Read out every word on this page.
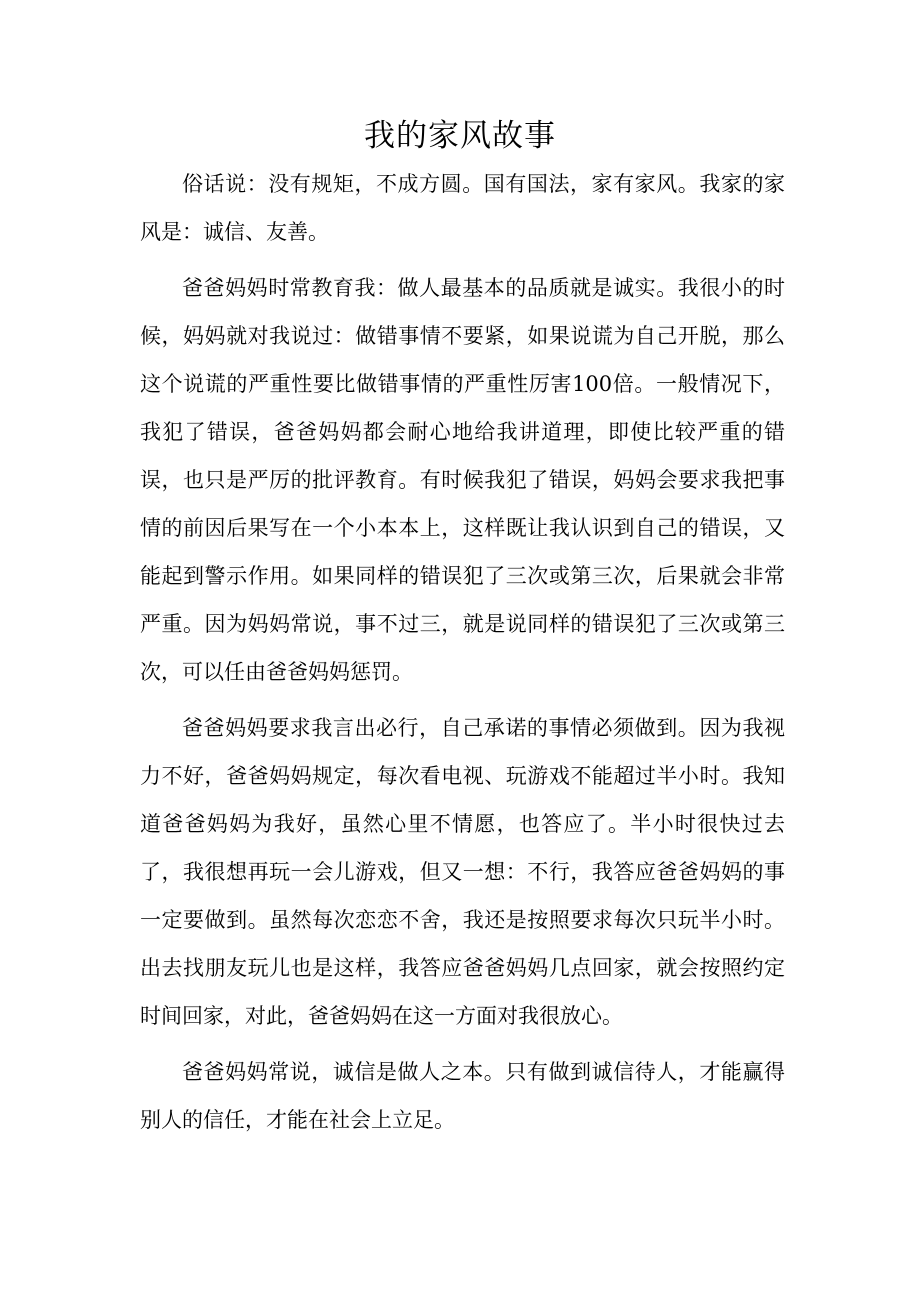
我的家风故事

俗话说：没有规矩，不成方圆。国有国法，家有家风。我家的家风是：诚信、友善。

爸爸妈妈时常教育我：做人最基本的品质就是诚实。我很小的时候，妈妈就对我说过：做错事情不要紧，如果说谎为自己开脱，那么这个说谎的严重性要比做错事情的严重性厉害100倍。一般情况下，我犯了错误，爸爸妈妈都会耐心地给我讲道理，即使比较严重的错误，也只是严厉的批评教育。有时候我犯了错误，妈妈会要求我把事情的前因后果写在一个小本本上，这样既让我认识到自己的错误，又能起到警示作用。如果同样的错误犯了三次或第三次，后果就会非常严重。因为妈妈常说，事不过三，就是说同样的错误犯了三次或第三次，可以任由爸爸妈妈惩罚。

爸爸妈妈要求我言出必行，自己承诺的事情必须做到。因为我视力不好，爸爸妈妈规定，每次看电视、玩游戏不能超过半小时。我知道爸爸妈妈为我好，虽然心里不情愿，也答应了。半小时很快过去了，我很想再玩一会儿游戏，但又一想：不行，我答应爸爸妈妈的事一定要做到。虽然每次恋恋不舍，我还是按照要求每次只玩半小时。出去找朋友玩儿也是这样，我答应爸爸妈妈几点回家，就会按照约定时间回家，对此，爸爸妈妈在这一方面对我很放心。

爸爸妈妈常说，诚信是做人之本。只有做到诚信待人，才能赢得别人的信任，才能在社会上立足。
